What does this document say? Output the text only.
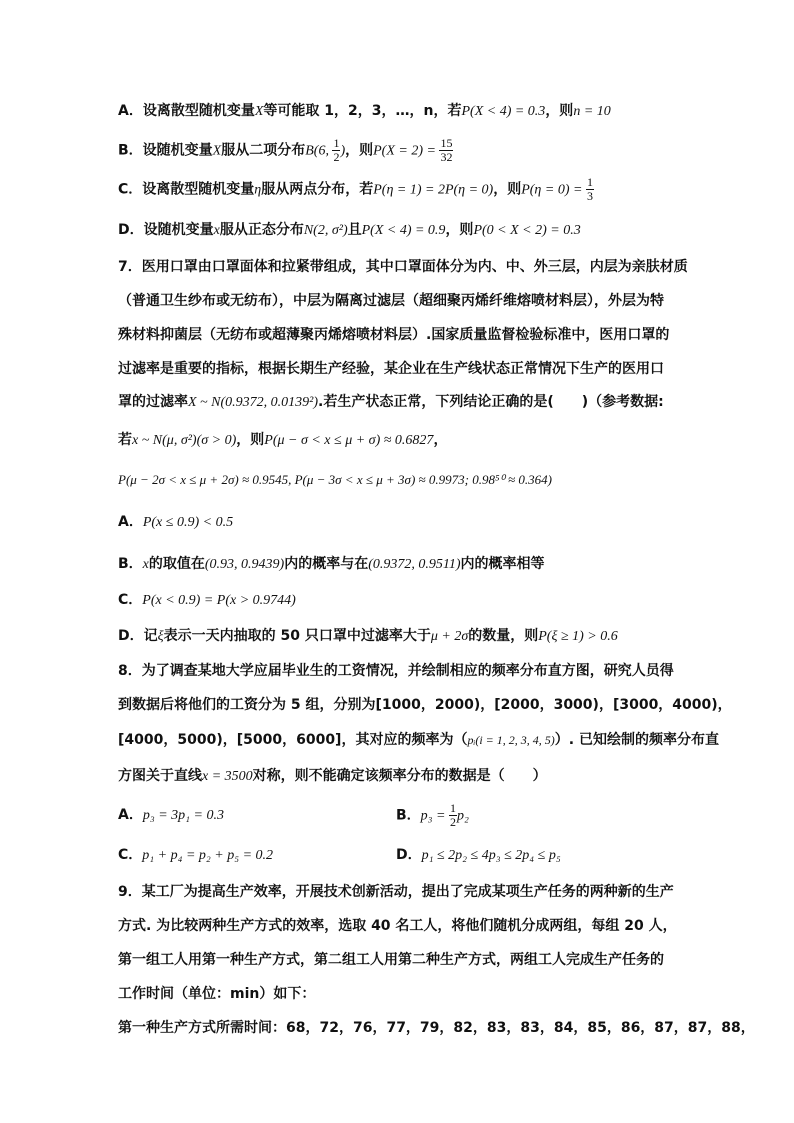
A．设离散型随机变量X等可能取 1，2，3，…，n，若P(X < 4) = 0.3，则n = 10
B．设随机变量X服从二项分布B(6, $\frac{1}{2}$ )，则$P(X = 2) = \frac{15}{32}$
C．设离散型随机变量η服从两点分布，若P(η = 1) = 2P(η = 0)，则$P(\eta = 0) = \frac{1}{3}$
D．设随机变量x服从正态分布N(2, σ²)且P(X < 4) = 0.9，则P(0 < X < 2) = 0.3
7．医用口罩由口罩面体和拉紧带组成，其中口罩面体分为内、中、外三层，内层为亲肤材质
（普通卫生纱布或无纺布），中层为隔离过滤层（超细聚丙烯纤维熔喷材料层），外层为特
殊材料抑菌层（无纺布或超薄聚丙烯熔喷材料层）.国家质量监督检验标准中，医用口罩的
过滤率是重要的指标，根据长期生产经验，某企业在生产线状态正常情况下生产的医用口
罩的过滤率X ~ N(0.9372, 0.0139²).若生产状态正常，下列结论正确的是(　　)（参考数据:
若x ~ N(μ, σ²)(σ > 0)，则P(μ − σ < x ≤ μ + σ) ≈ 0.6827，
P(μ − 2σ < x ≤ μ + 2σ) ≈ 0.9545, P(μ − 3σ < x ≤ μ + 3σ) ≈ 0.9973; 0.98⁵⁰ ≈ 0.364)
A．P(x ≤ 0.9) < 0.5
B．x的取值在(0.93, 0.9439)内的概率与在(0.9372, 0.9511)内的概率相等
C．P(x < 0.9) = P(x > 0.9744)
D．记ξ表示一天内抽取的 50 只口罩中过滤率大于μ + 2σ的数量，则P(ξ ≥ 1) > 0.6
8．为了调查某地大学应届毕业生的工资情况，并绘制相应的频率分布直方图，研究人员得
到数据后将他们的工资分为 5 组，分别为[1000，2000)，[2000，3000)，[3000，4000)，
[4000，5000)，[5000，6000]，其对应的频率为（pᵢ(i = 1, 2, 3, 4, 5)）. 已知绘制的频率分布直
方图关于直线x = 3500对称，则不能确定该频率分布的数据是（　　）
A．p₃ = 3p₁ = 0.3	B．$p_3 = \frac{1}{2} p_2$
C．p₁ + p₄ = p₂ + p₅ = 0.2	D．p₁ ≤ 2p₂ ≤ 4p₃ ≤ 2p₄ ≤ p₅
9．某工厂为提高生产效率，开展技术创新活动，提出了完成某项生产任务的两种新的生产
方式. 为比较两种生产方式的效率，选取 40 名工人，将他们随机分成两组，每组 20 人，
第一组工人用第一种生产方式，第二组工人用第二种生产方式，两组工人完成生产任务的
工作时间（单位：min）如下：
第一种生产方式所需时间：68，72，76，77，79，82，83，83，84，85，86，87，87，88，
